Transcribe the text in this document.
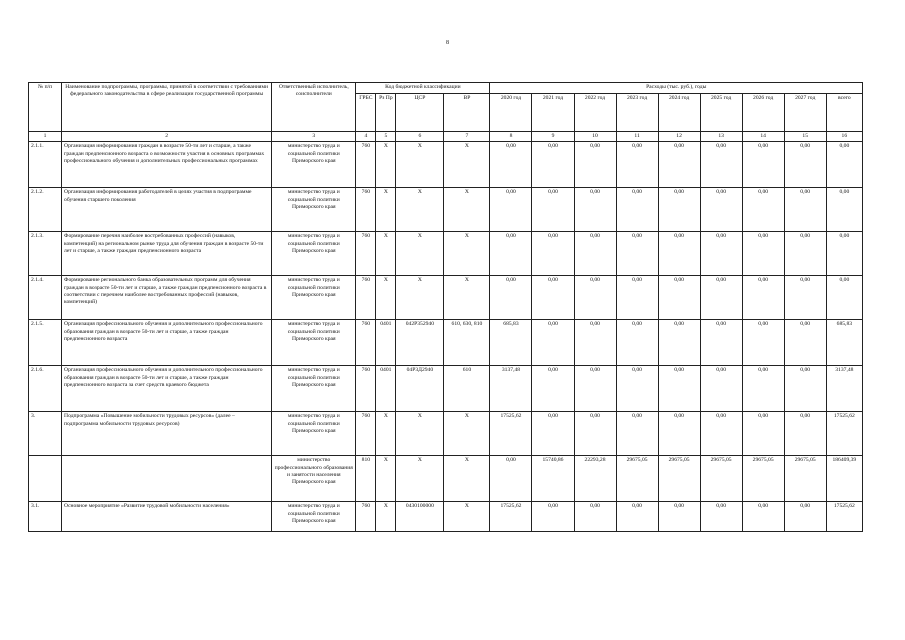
8
№ п/п	Наименование подпрограммы, программы, принятой в соответствии с требованиями федерального законодательства в сфере реализации государственной программы	Ответственный исполнитель, соисполнители	Код бюджетной классификации				Расходы (тыс. руб.), годы								
			ГРБС	Рз Пр	ЦСР	ВР	2020 год	2021 год	2022 год	2023 год	2024 год	2025 год	2026 год	2027 год	всего
1	2	3	4	5	6	7	8	9	10	11	12	13	14	15	16
2.1.1.	Организация информирования граждан в возрасте 50-ти лет и старше, а также граждан предпенсионного возраста о возможности участия в основных программах профессионального обучения и дополнительных профессиональных программах	министерство труда и социальной политики Приморского края	760	X	X	X	0,00	0,00	0,00	0,00	0,00	0,00	0,00	0,00	0,00
2.1.2.	Организация информирования работодателей в целях участия в подпрограмме обучения старшего поколения	министерство труда и социальной политики Приморского края	760	X	X	X	0,00	0,00	0,00	0,00	0,00	0,00	0,00	0,00	0,00
2.1.3.	Формирование перечня наиболее востребованных профессий (навыков, компетенций) на региональном рынке труда для обучения граждан в возрасте 50-ти лет и старше, а также граждан предпенсионного возраста	министерство труда и социальной политики Приморского края	760	X	X	X	0,00	0,00	0,00	0,00	0,00	0,00	0,00	0,00	0,00
2.1.4.	Формирование регионального банка образовательных программ для обучения граждан в возрасте 50-ти лет и старше, а также граждан предпенсионного возраста в соответствии с перечнем наиболее востребованных профессий (навыков, компетенций)	министерство труда и социальной политики Приморского края	760	X	X	X	0,00	0,00	0,00	0,00	0,00	0,00	0,00	0,00	0,00
2.1.5.	Организация профессионального обучения и дополнительного профессионального образования граждан в возрасте 50-ти лет и старше, а также граждан предпенсионного возраста	министерство труда и социальной политики Приморского края	760	0401	042P352940	610, 630, 810	685,83	0,00	0,00	0,00	0,00	0,00	0,00	0,00	685,83
2.1.6.	Организация профессионального обучения и дополнительного профессионального образования граждан в возрасте 50-ти лет и старше, а также граждан предпенсионного возраста за счет средств краевого бюджета	министерство труда и социальной политики Приморского края	760	0401	04Р3Д2940	610	3137,48	0,00	0,00	0,00	0,00	0,00	0,00	0,00	3137,48
3.	Подпрограмма «Повышение мобильности трудовых ресурсов» (далее – подпрограмма мобильности трудовых ресурсов)	министерство труда и социальной политики Приморского края	760	X	X	X	17525,62	0,00	0,00	0,00	0,00	0,00	0,00	0,00	17525,62
		министерство профессионального образования и занятости населения Приморского края	810	X	X	X	0,00	15740,86	22293,28	29675,05	29675,05	29675,05	29675,05	29675,05	186409,39
3.1.	Основное мероприятие «Развитие трудовой мобильности населения»	министерство труда и социальной политики Приморского края	760	X	0430100000	X	17525,62	0,00	0,00	0,00	0,00	0,00	0,00	0,00	17525,62
